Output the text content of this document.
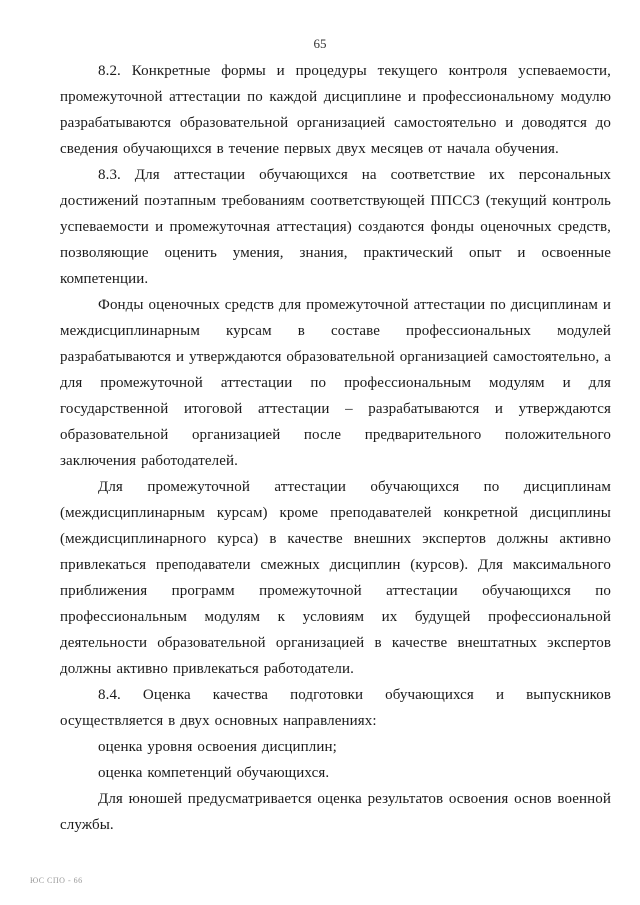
65

8.2. Конкретные формы и процедуры текущего контроля успеваемости, промежуточной аттестации по каждой дисциплине и профессиональному модулю разрабатываются образовательной организацией самостоятельно и доводятся до сведения обучающихся в течение первых двух месяцев от начала обучения.

8.3. Для аттестации обучающихся на соответствие их персональных достижений поэтапным требованиям соответствующей ППССЗ (текущий контроль успеваемости и промежуточная аттестация) создаются фонды оценочных средств, позволяющие оценить умения, знания, практический опыт и освоенные компетенции.

Фонды оценочных средств для промежуточной аттестации по дисциплинам и междисциплинарным курсам в составе профессиональных модулей разрабатываются и утверждаются образовательной организацией самостоятельно, а для промежуточной аттестации по профессиональным модулям и для государственной итоговой аттестации – разрабатываются и утверждаются образовательной организацией после предварительного положительного заключения работодателей.

Для промежуточной аттестации обучающихся по дисциплинам (междисциплинарным курсам) кроме преподавателей конкретной дисциплины (междисциплинарного курса) в качестве внешних экспертов должны активно привлекаться преподаватели смежных дисциплин (курсов). Для максимального приближения программ промежуточной аттестации обучающихся по профессиональным модулям к условиям их будущей профессиональной деятельности образовательной организацией в качестве внештатных экспертов должны активно привлекаться работодатели.

8.4. Оценка качества подготовки обучающихся и выпускников осуществляется в двух основных направлениях:

оценка уровня освоения дисциплин;

оценка компетенций обучающихся.

Для юношей предусматривается оценка результатов освоения основ военной службы.

ЮС СПО - 66
